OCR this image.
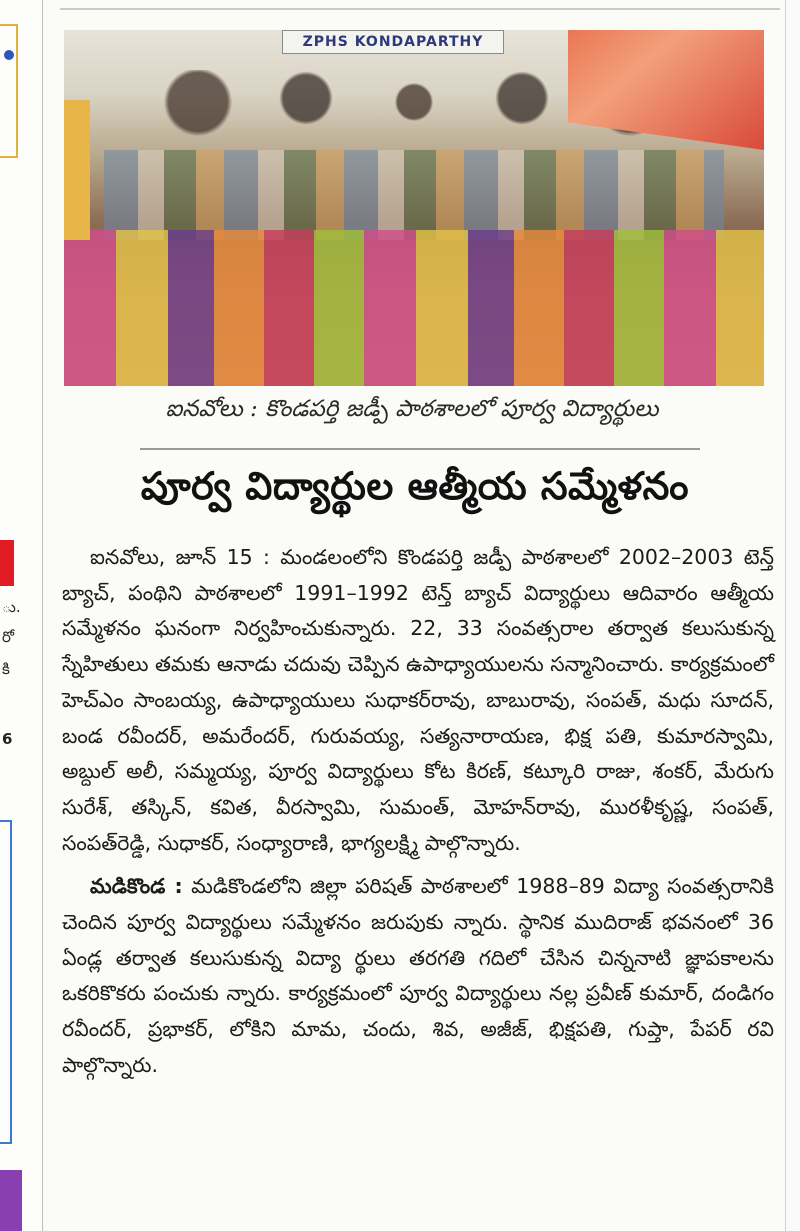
ు.
రో
కి
6
ZPHS KONDAPARTHY
ఐనవోలు : కొండపర్తి జడ్పీ పాఠశాలలో పూర్వ విద్యార్థులు
పూర్వ విద్యార్థుల ఆత్మీయ సమ్మేళనం

ఐనవోలు, జూన్ 15 : మండలంలోని కొండపర్తి జడ్పీ పాఠశాలలో 2002–2003 టెన్త్ బ్యాచ్, పంథిని పాఠశాలలో 1991–1992 టెన్త్ బ్యాచ్ విద్యార్థులు ఆదివారం ఆత్మీయ సమ్మేళనం ఘనంగా నిర్వహించుకున్నారు. 22, 33 సంవత్సరాల తర్వాత కలుసుకున్న స్నేహితులు తమకు ఆనాడు చదువు చెప్పిన ఉపాధ్యాయులను సన్మానించారు. కార్యక్రమంలో హెచ్‌ఎం సాంబయ్య, ఉపాధ్యాయులు సుధాకర్‌రావు, బాబురావు, సంపత్, మధు సూదన్, బండ రవీందర్, అమరేందర్, గురువయ్య, సత్యనారాయణ, భిక్ష పతి, కుమారస్వామి, అబ్దుల్ అలీ, సమ్మయ్య, పూర్వ విద్యార్థులు కోట కిరణ్, కట్కూరి రాజు, శంకర్, మేరుగు సురేశ్, తస్కిన్, కవిత, వీరస్వామి, సుమంత్, మోహన్‌రావు, మురళీకృష్ణ, సంపత్, సంపత్‌రెడ్డి, సుధాకర్, సంధ్యారాణి, భాగ్యలక్ష్మి పాల్గొన్నారు.

మడికొండ : మడికొండలోని జిల్లా పరిషత్ పాఠశాలలో 1988–89 విద్యా సంవత్సరానికి చెందిన పూర్వ విద్యార్థులు సమ్మేళనం జరుపుకు న్నారు. స్థానిక ముదిరాజ్ భవనంలో 36 ఏండ్ల తర్వాత కలుసుకున్న విద్యా ర్థులు తరగతి గదిలో చేసిన చిన్ననాటి జ్ఞాపకాలను ఒకరికొకరు పంచుకు న్నారు. కార్యక్రమంలో పూర్వ విద్యార్థులు నల్ల ప్రవీణ్ కుమార్, దండిగం రవీందర్, ప్రభాకర్, లోకిని మామ, చందు, శివ, అజీజ్, భిక్షపతి, గుప్తా, పేపర్ రవి పాల్గొన్నారు.
